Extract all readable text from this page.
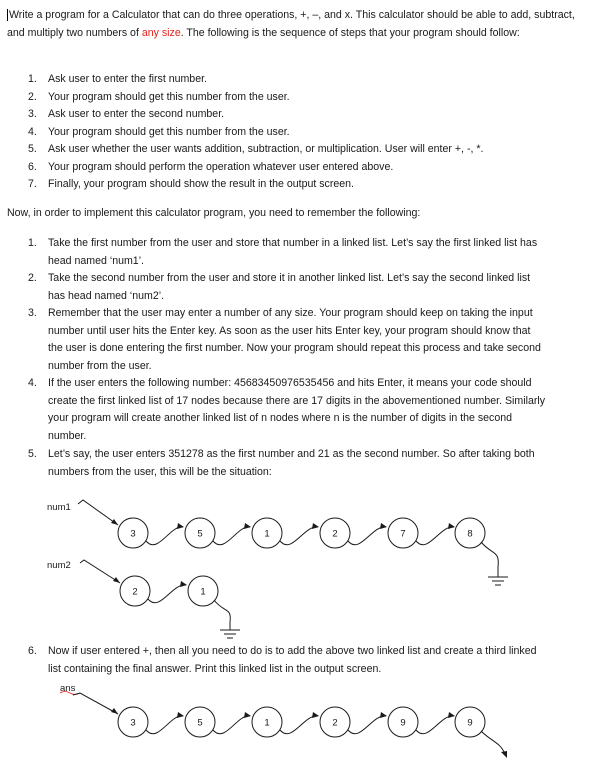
Write a program for a Calculator that can do three operations, +, –, and x. This calculator should be able to add, subtract, and multiply two numbers of any size. The following is the sequence of steps that your program should follow:

1.	Ask user to enter the first number.
2.	Your program should get this number from the user.
3.	Ask user to enter the second number.
4.	Your program should get this number from the user.
5.	Ask user whether the user wants addition, subtraction, or multiplication. User will enter +, -, *.
6.	Your program should perform the operation whatever user entered above.
7.	Finally, your program should show the result in the output screen.

Now, in order to implement this calculator program, you need to remember the following:

1.	Take the first number from the user and store that number in a linked list. Let’s say the first linked list has head named ‘num1’.
2.	Take the second number from the user and store it in another linked list. Let’s say the second linked list has head named ‘num2’.
3.	Remember that the user may enter a number of any size. Your program should keep on taking the input number until user hits the Enter key. As soon as the user hits Enter key, your program should know that the user is done entering the first number. Now your program should repeat this process and take second number from the user.
4.	If the user enters the following number: 45683450976535456 and hits Enter, it means your code should create the first linked list of 17 nodes because there are 17 digits in the abovementioned number. Similarly your program will create another linked list of n nodes where n is the number of digits in the second number.
5.	Let’s say, the user enters 351278 as the first number and 21 as the second number. So after taking both numbers from the user, this will be the situation:
num1
3	5	1	2	7	8
num2
2	1
6.	Now if user entered +, then all you need to do is to add the above two linked list and create a third linked list containing the final answer. Print this linked list in the output screen.
ans
3	5	1	2	9	9
